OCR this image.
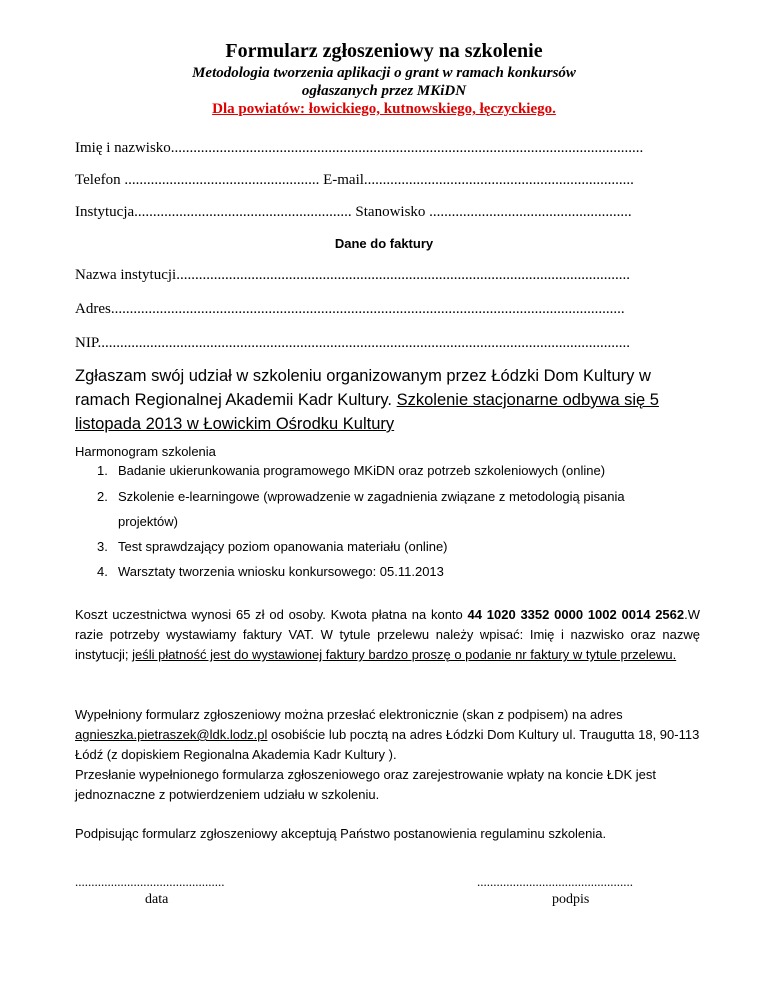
Formularz zgłoszeniowy na szkolenie
Metodologia tworzenia aplikacji o grant w ramach konkursów
ogłaszanych przez MKiDN
Dla powiatów: łowickiego, kutnowskiego, łęczyckiego.
Imię i nazwisko..............................................................................................................................
Telefon .................................................... E-mail........................................................................
Instytucja.......................................................... Stanowisko ......................................................
Dane do faktury
Nazwa instytucji.........................................................................................................................
Adres.........................................................................................................................................
NIP..............................................................................................................................................
Zgłaszam swój udział w szkoleniu organizowanym przez Łódzki Dom Kultury w ramach Regionalnej Akademii Kadr Kultury. Szkolenie stacjonarne odbywa się 5 listopada 2013 w Łowickim Ośrodku Kultury
Harmonogram szkolenia
1. Badanie ukierunkowania programowego MKiDN oraz potrzeb szkoleniowych (online)
2. Szkolenie e-learningowe (wprowadzenie w zagadnienia związane z metodologią pisania
projektów)
3. Test sprawdzający poziom opanowania materiału (online)
4. Warsztaty tworzenia wniosku konkursowego: 05.11.2013
Koszt uczestnictwa wynosi 65 zł od osoby. Kwota płatna na konto 44 1020 3352 0000 1002 0014 2562.W razie potrzeby wystawiamy faktury VAT. W tytule przelewu należy wpisać: Imię i nazwisko oraz nazwę instytucji; jeśli płatność jest do wystawionej faktury bardzo proszę o podanie nr faktury w tytule przelewu.
Wypełniony formularz zgłoszeniowy można przesłać elektronicznie (skan z podpisem) na adres agnieszka.pietraszek@ldk.lodz.pl osobiście lub pocztą na adres Łódzki Dom Kultury ul. Traugutta 18, 90-113 Łódź (z dopiskiem Regionalna Akademia Kadr Kultury ).
Przesłanie wypełnionego formularza zgłoszeniowego oraz zarejestrowanie wpłaty na koncie ŁDK jest jednoznaczne z potwierdzeniem udziału w szkoleniu.
Podpisując formularz zgłoszeniowy akceptują Państwo postanowienia regulaminu szkolenia.
..............................................
data
................................................
podpis
